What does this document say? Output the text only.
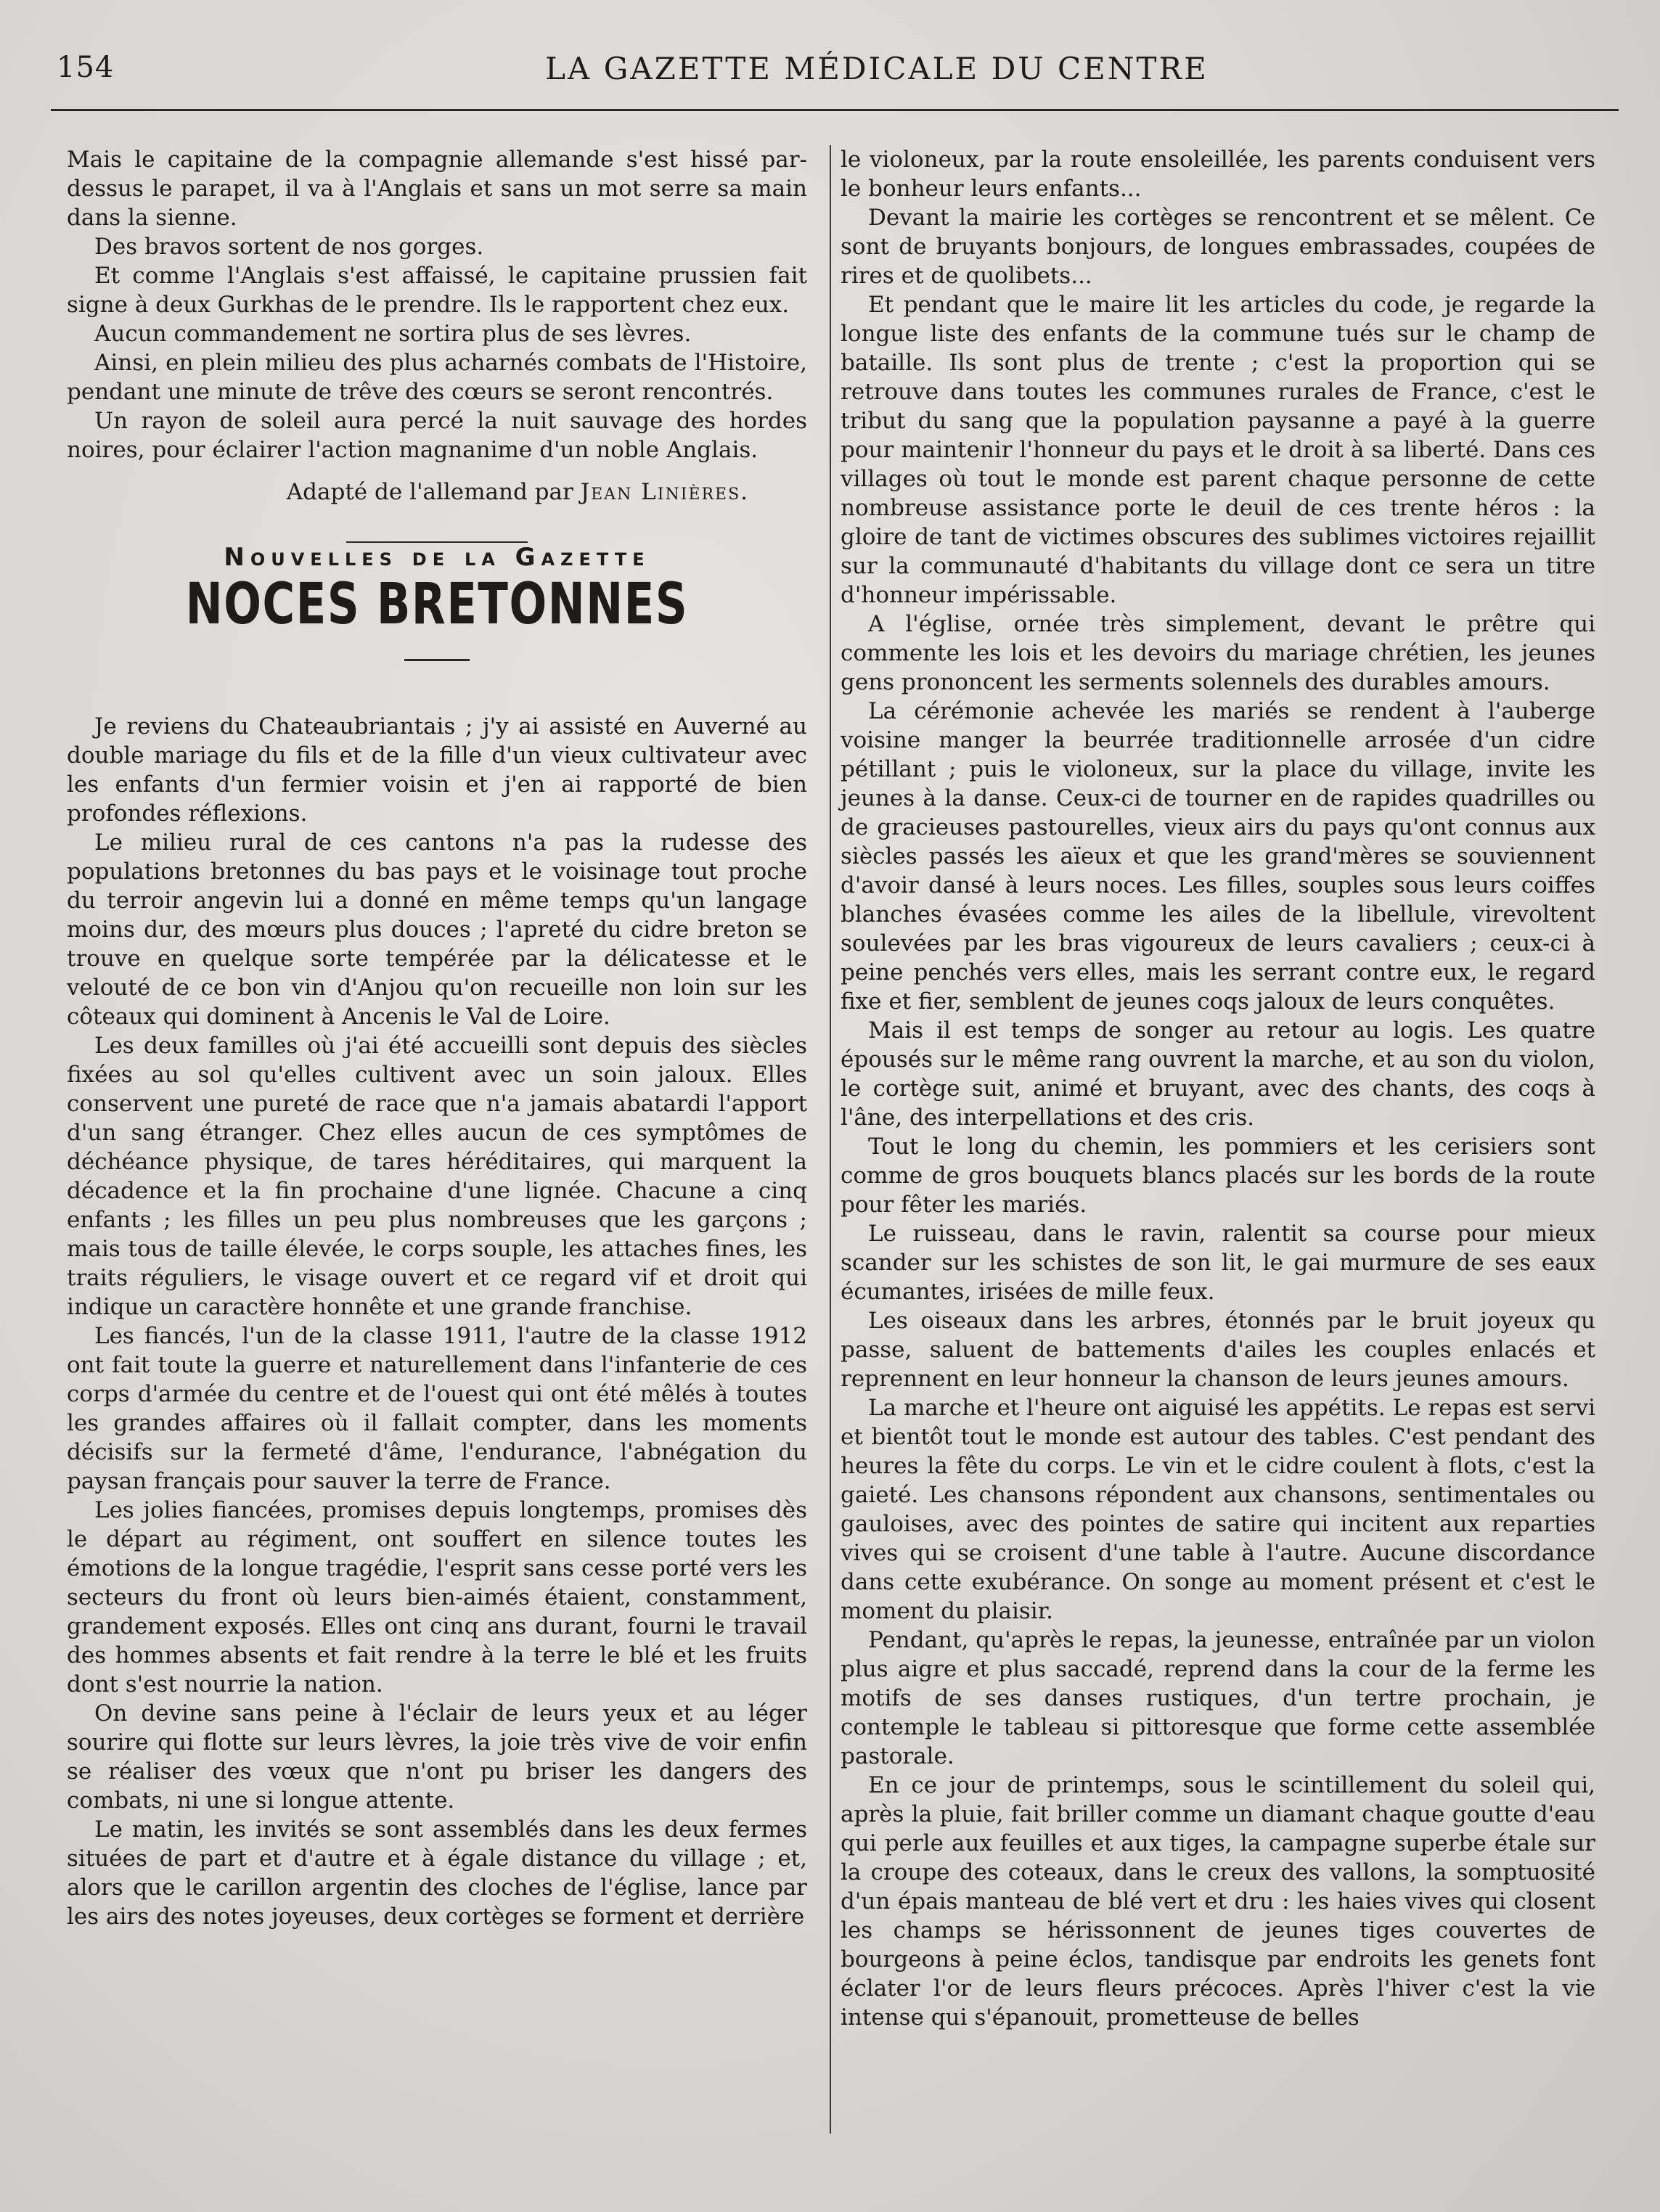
154	LA GAZETTE MÉDICALE DU CENTRE

Mais le capitaine de la compagnie allemande s'est hissé par-dessus le parapet, il va à l'Anglais et sans un mot serre sa main dans la sienne.

Des bravos sortent de nos gorges.

Et comme l'Anglais s'est affaissé, le capitaine prussien fait signe à deux Gurkhas de le prendre. Ils le rapportent chez eux.

Aucun commandement ne sortira plus de ses lèvres.

Ainsi, en plein milieu des plus acharnés combats de l'Histoire, pendant une minute de trêve des cœurs se seront rencontrés.

Un rayon de soleil aura percé la nuit sauvage des hordes noires, pour éclairer l'action magnanime d'un noble Anglais.

Adapté de l'allemand par Jean Linières.

Nouvelles de la Gazette

NOCES BRETONNES

Je reviens du Chateaubriantais ; j'y ai assisté en Auverné au double mariage du fils et de la fille d'un vieux cultivateur avec les enfants d'un fermier voisin et j'en ai rapporté de bien profondes réflexions.

Le milieu rural de ces cantons n'a pas la rudesse des populations bretonnes du bas pays et le voisinage tout proche du terroir angevin lui a donné en même temps qu'un langage moins dur, des mœurs plus douces ; l'apreté du cidre breton se trouve en quelque sorte tempérée par la délicatesse et le velouté de ce bon vin d'Anjou qu'on recueille non loin sur les côteaux qui dominent à Ancenis le Val de Loire.

Les deux familles où j'ai été accueilli sont depuis des siècles fixées au sol qu'elles cultivent avec un soin jaloux. Elles conservent une pureté de race que n'a jamais abatardi l'apport d'un sang étranger. Chez elles aucun de ces symptômes de déchéance physique, de tares héréditaires, qui marquent la décadence et la fin prochaine d'une lignée. Chacune a cinq enfants ; les filles un peu plus nombreuses que les garçons ; mais tous de taille élevée, le corps souple, les attaches fines, les traits réguliers, le visage ouvert et ce regard vif et droit qui indique un caractère honnête et une grande franchise.

Les fiancés, l'un de la classe 1911, l'autre de la classe 1912 ont fait toute la guerre et naturellement dans l'infanterie de ces corps d'armée du centre et de l'ouest qui ont été mêlés à toutes les grandes affaires où il fallait compter, dans les moments décisifs sur la fermeté d'âme, l'endurance, l'abnégation du paysan français pour sauver la terre de France.

Les jolies fiancées, promises depuis longtemps, promises dès le départ au régiment, ont souffert en silence toutes les émotions de la longue tragédie, l'esprit sans cesse porté vers les secteurs du front où leurs bien-aimés étaient, constamment, grandement exposés. Elles ont cinq ans durant, fourni le travail des hommes absents et fait rendre à la terre le blé et les fruits dont s'est nourrie la nation.

On devine sans peine à l'éclair de leurs yeux et au léger sourire qui flotte sur leurs lèvres, la joie très vive de voir enfin se réaliser des vœux que n'ont pu briser les dangers des combats, ni une si longue attente.

Le matin, les invités se sont assemblés dans les deux fermes situées de part et d'autre et à égale distance du village ; et, alors que le carillon argentin des cloches de l'église, lance par les airs des notes joyeuses, deux cortèges se forment et derrière

le violoneux, par la route ensoleillée, les parents conduisent vers le bonheur leurs enfants...

Devant la mairie les cortèges se rencontrent et se mêlent. Ce sont de bruyants bonjours, de longues embrassades, coupées de rires et de quolibets...

Et pendant que le maire lit les articles du code, je regarde la longue liste des enfants de la commune tués sur le champ de bataille. Ils sont plus de trente ; c'est la proportion qui se retrouve dans toutes les communes rurales de France, c'est le tribut du sang que la population paysanne a payé à la guerre pour maintenir l'honneur du pays et le droit à sa liberté. Dans ces villages où tout le monde est parent chaque personne de cette nombreuse assistance porte le deuil de ces trente héros : la gloire de tant de victimes obscures des sublimes victoires rejaillit sur la communauté d'habitants du village dont ce sera un titre d'honneur impérissable.

A l'église, ornée très simplement, devant le prêtre qui commente les lois et les devoirs du mariage chrétien, les jeunes gens prononcent les serments solennels des durables amours.

La cérémonie achevée les mariés se rendent à l'auberge voisine manger la beurrée traditionnelle arrosée d'un cidre pétillant ; puis le violoneux, sur la place du village, invite les jeunes à la danse. Ceux-ci de tourner en de rapides quadrilles ou de gracieuses pastourelles, vieux airs du pays qu'ont connus aux siècles passés les aïeux et que les grand'mères se souviennent d'avoir dansé à leurs noces. Les filles, souples sous leurs coiffes blanches évasées comme les ailes de la libellule, virevoltent soulevées par les bras vigoureux de leurs cavaliers ; ceux-ci à peine penchés vers elles, mais les serrant contre eux, le regard fixe et fier, semblent de jeunes coqs jaloux de leurs conquêtes.

Mais il est temps de songer au retour au logis. Les quatre épousés sur le même rang ouvrent la marche, et au son du violon, le cortège suit, animé et bruyant, avec des chants, des coqs à l'âne, des interpellations et des cris.

Tout le long du chemin, les pommiers et les cerisiers sont comme de gros bouquets blancs placés sur les bords de la route pour fêter les mariés.

Le ruisseau, dans le ravin, ralentit sa course pour mieux scander sur les schistes de son lit, le gai murmure de ses eaux écumantes, irisées de mille feux.

Les oiseaux dans les arbres, étonnés par le bruit joyeux qu passe, saluent de battements d'ailes les couples enlacés et reprennent en leur honneur la chanson de leurs jeunes amours.

La marche et l'heure ont aiguisé les appétits. Le repas est servi et bientôt tout le monde est autour des tables. C'est pendant des heures la fête du corps. Le vin et le cidre coulent à flots, c'est la gaieté. Les chansons répondent aux chansons, sentimentales ou gauloises, avec des pointes de satire qui incitent aux reparties vives qui se croisent d'une table à l'autre. Aucune discordance dans cette exubérance. On songe au moment présent et c'est le moment du plaisir.

Pendant, qu'après le repas, la jeunesse, entraînée par un violon plus aigre et plus saccadé, reprend dans la cour de la ferme les motifs de ses danses rustiques, d'un tertre prochain, je contemple le tableau si pittoresque que forme cette assemblée pastorale.

En ce jour de printemps, sous le scintillement du soleil qui, après la pluie, fait briller comme un diamant chaque goutte d'eau qui perle aux feuilles et aux tiges, la campagne superbe étale sur la croupe des coteaux, dans le creux des vallons, la somptuosité d'un épais manteau de blé vert et dru : les haies vives qui closent les champs se hérissonnent de jeunes tiges couvertes de bourgeons à peine éclos, tandisque par endroits les genets font éclater l'or de leurs fleurs précoces. Après l'hiver c'est la vie intense qui s'épanouit, prometteuse de belles
